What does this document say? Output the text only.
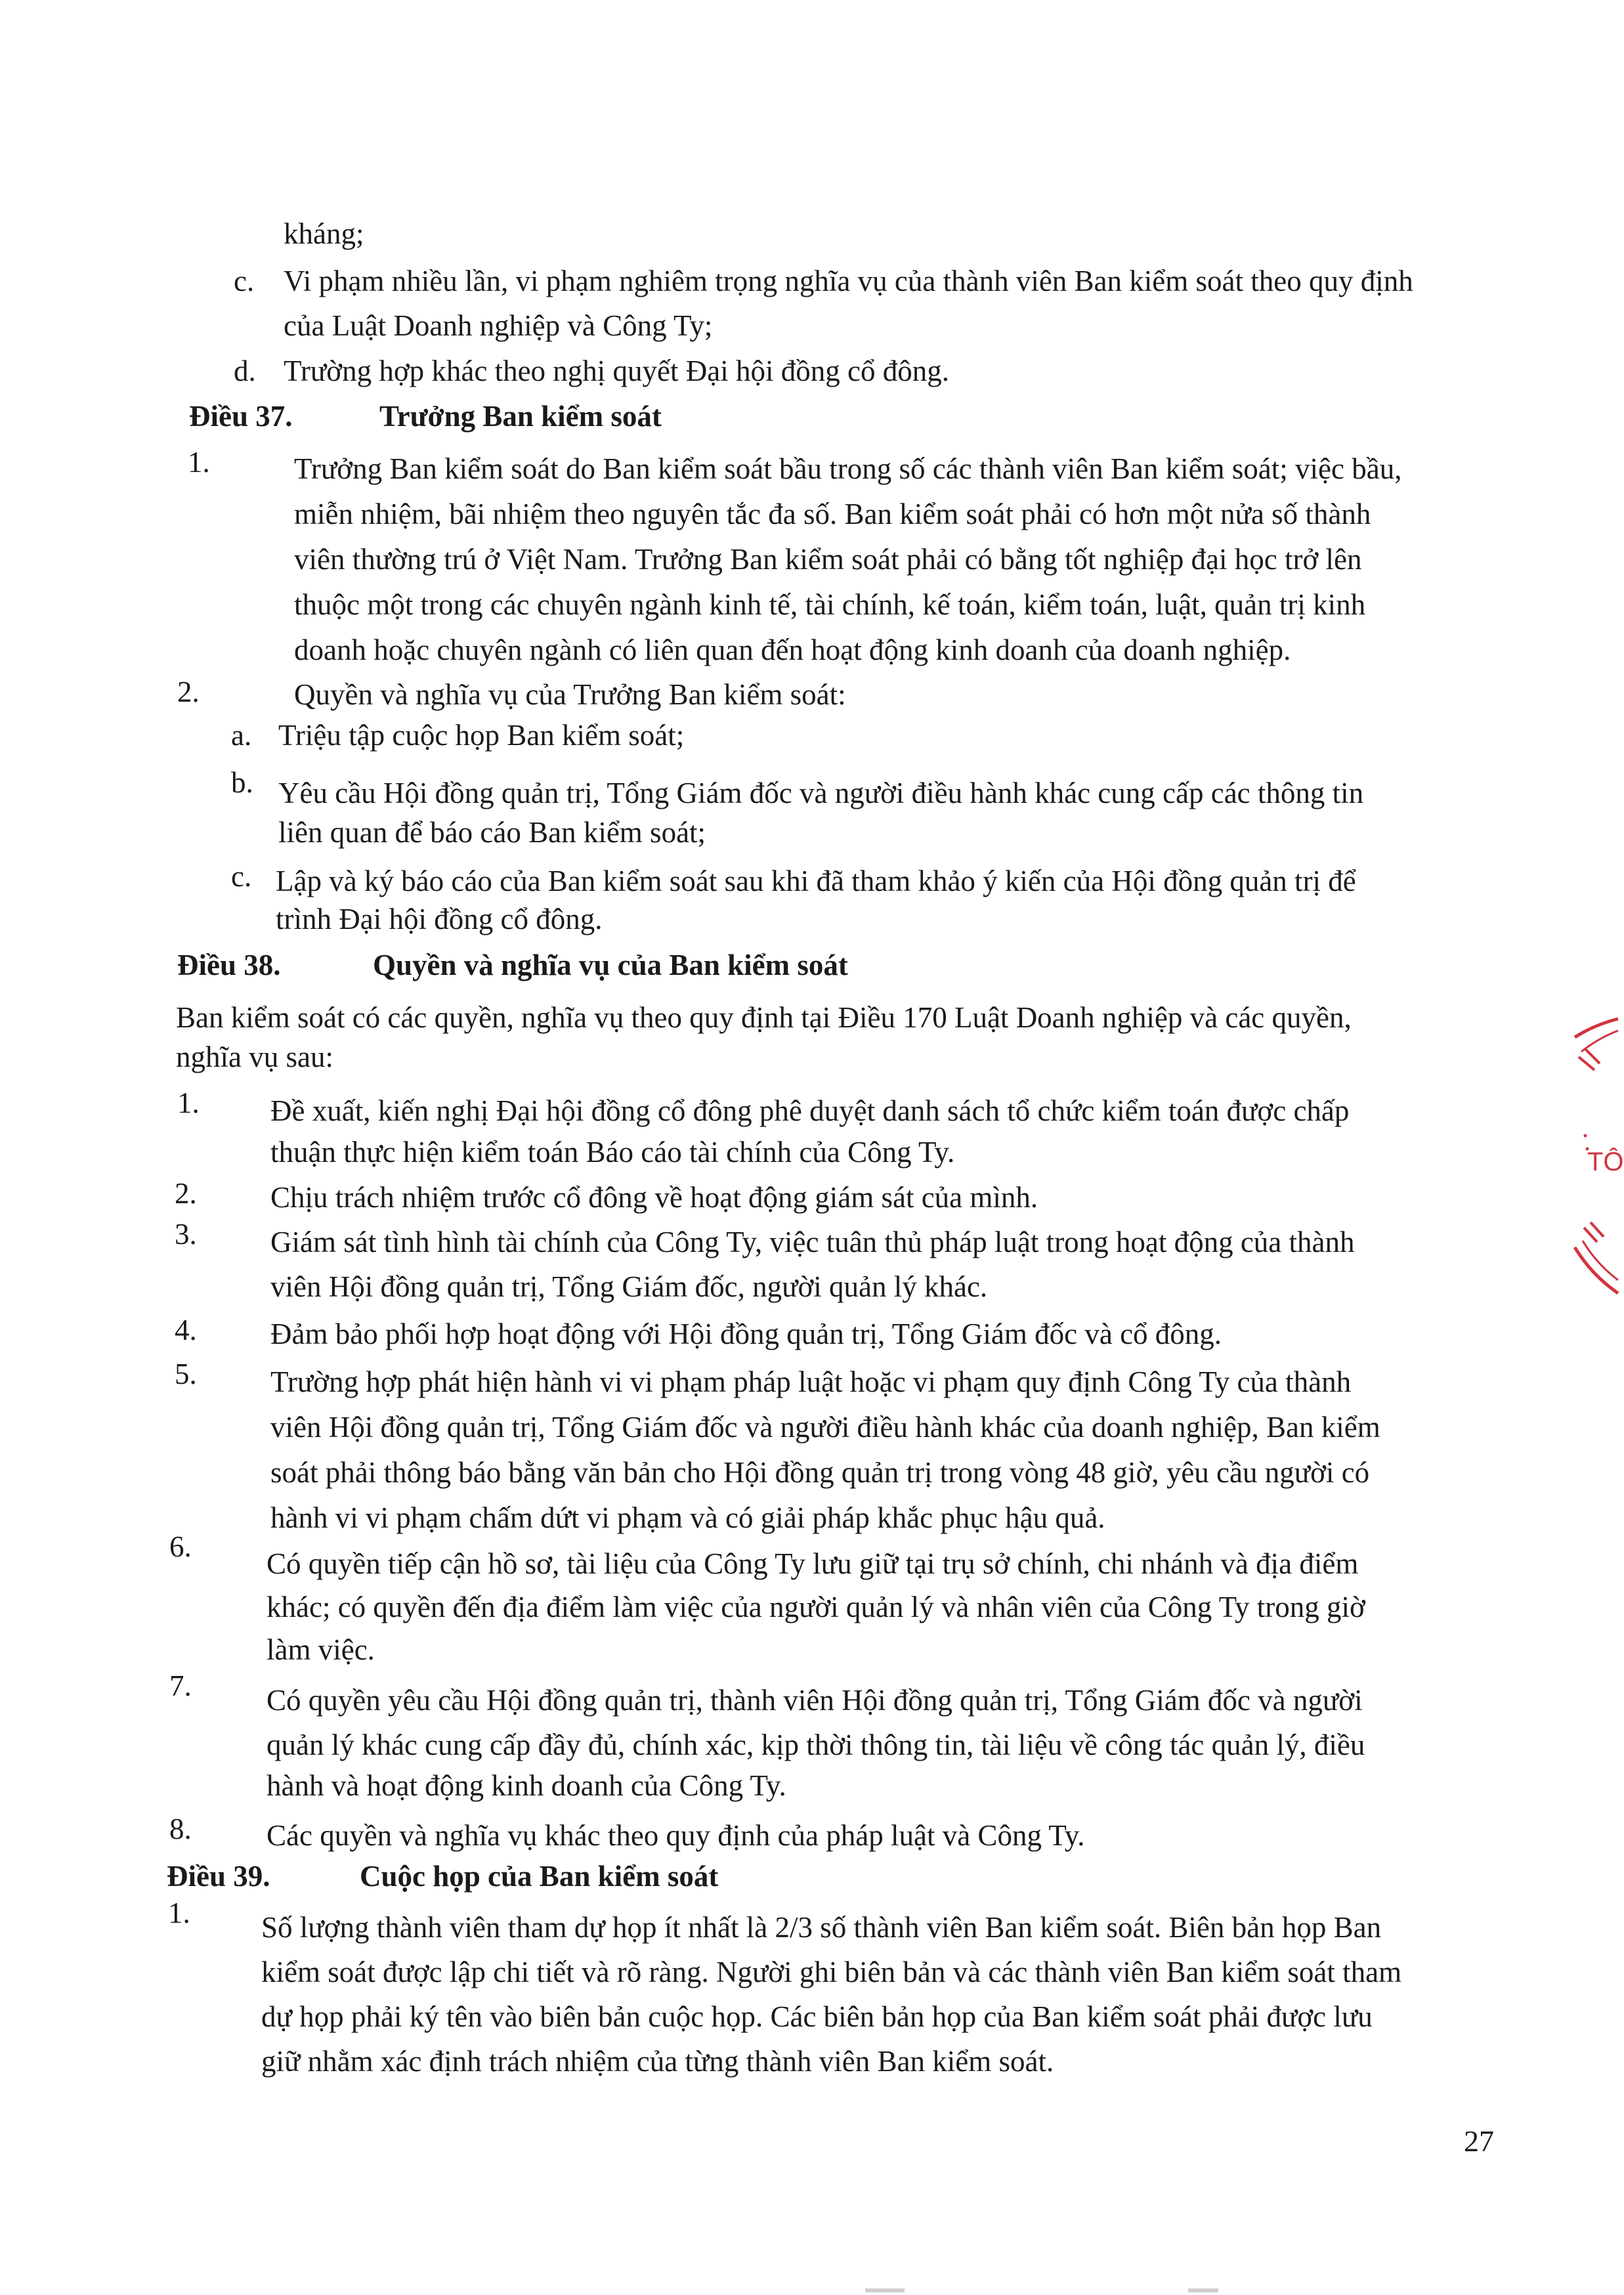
kháng;
c. Vi phạm nhiều lần, vi phạm nghiêm trọng nghĩa vụ của thành viên Ban kiểm soát theo quy định
của Luật Doanh nghiệp và Công Ty;
d. Trường hợp khác theo nghị quyết Đại hội đồng cổ đông.
Điều 37.	Trưởng Ban kiểm soát
1.	Trưởng Ban kiểm soát do Ban kiểm soát bầu trong số các thành viên Ban kiểm soát; việc bầu,
miễn nhiệm, bãi nhiệm theo nguyên tắc đa số. Ban kiểm soát phải có hơn một nửa số thành
viên thường trú ở Việt Nam. Trưởng Ban kiểm soát phải có bằng tốt nghiệp đại học trở lên
thuộc một trong các chuyên ngành kinh tế, tài chính, kế toán, kiểm toán, luật, quản trị kinh
doanh hoặc chuyên ngành có liên quan đến hoạt động kinh doanh của doanh nghiệp.
2.	Quyền và nghĩa vụ của Trưởng Ban kiểm soát:
a. Triệu tập cuộc họp Ban kiểm soát;
b. Yêu cầu Hội đồng quản trị, Tổng Giám đốc và người điều hành khác cung cấp các thông tin
liên quan để báo cáo Ban kiểm soát;
c. Lập và ký báo cáo của Ban kiểm soát sau khi đã tham khảo ý kiến của Hội đồng quản trị để
trình Đại hội đồng cổ đông.
Điều 38.	Quyền và nghĩa vụ của Ban kiểm soát
Ban kiểm soát có các quyền, nghĩa vụ theo quy định tại Điều 170 Luật Doanh nghiệp và các quyền,
nghĩa vụ sau:
1. Đề xuất, kiến nghị Đại hội đồng cổ đông phê duyệt danh sách tổ chức kiểm toán được chấp
thuận thực hiện kiểm toán Báo cáo tài chính của Công Ty.
2. Chịu trách nhiệm trước cổ đông về hoạt động giám sát của mình.
3. Giám sát tình hình tài chính của Công Ty, việc tuân thủ pháp luật trong hoạt động của thành
viên Hội đồng quản trị, Tổng Giám đốc, người quản lý khác.
4. Đảm bảo phối hợp hoạt động với Hội đồng quản trị, Tổng Giám đốc và cổ đông.
5. Trường hợp phát hiện hành vi vi phạm pháp luật hoặc vi phạm quy định Công Ty của thành
viên Hội đồng quản trị, Tổng Giám đốc và người điều hành khác của doanh nghiệp, Ban kiểm
soát phải thông báo bằng văn bản cho Hội đồng quản trị trong vòng 48 giờ, yêu cầu người có
hành vi vi phạm chấm dứt vi phạm và có giải pháp khắc phục hậu quả.
6.
Có quyền tiếp cận hồ sơ, tài liệu của Công Ty lưu giữ tại trụ sở chính, chi nhánh và địa điểm
khác; có quyền đến địa điểm làm việc của người quản lý và nhân viên của Công Ty trong giờ
làm việc.
7.	Có quyền yêu cầu Hội đồng quản trị, thành viên Hội đồng quản trị, Tổng Giám đốc và người
quản lý khác cung cấp đầy đủ, chính xác, kịp thời thông tin, tài liệu về công tác quản lý, điều
hành và hoạt động kinh doanh của Công Ty.
8.	Các quyền và nghĩa vụ khác theo quy định của pháp luật và Công Ty.
Điều 39.	Cuộc họp của Ban kiểm soát
1. Số lượng thành viên tham dự họp ít nhất là 2/3 số thành viên Ban kiểm soát. Biên bản họp Ban
kiểm soát được lập chi tiết và rõ ràng. Người ghi biên bản và các thành viên Ban kiểm soát tham
dự họp phải ký tên vào biên bản cuộc họp. Các biên bản họp của Ban kiểm soát phải được lưu
giữ nhằm xác định trách nhiệm của từng thành viên Ban kiểm soát.
27
TÔ
